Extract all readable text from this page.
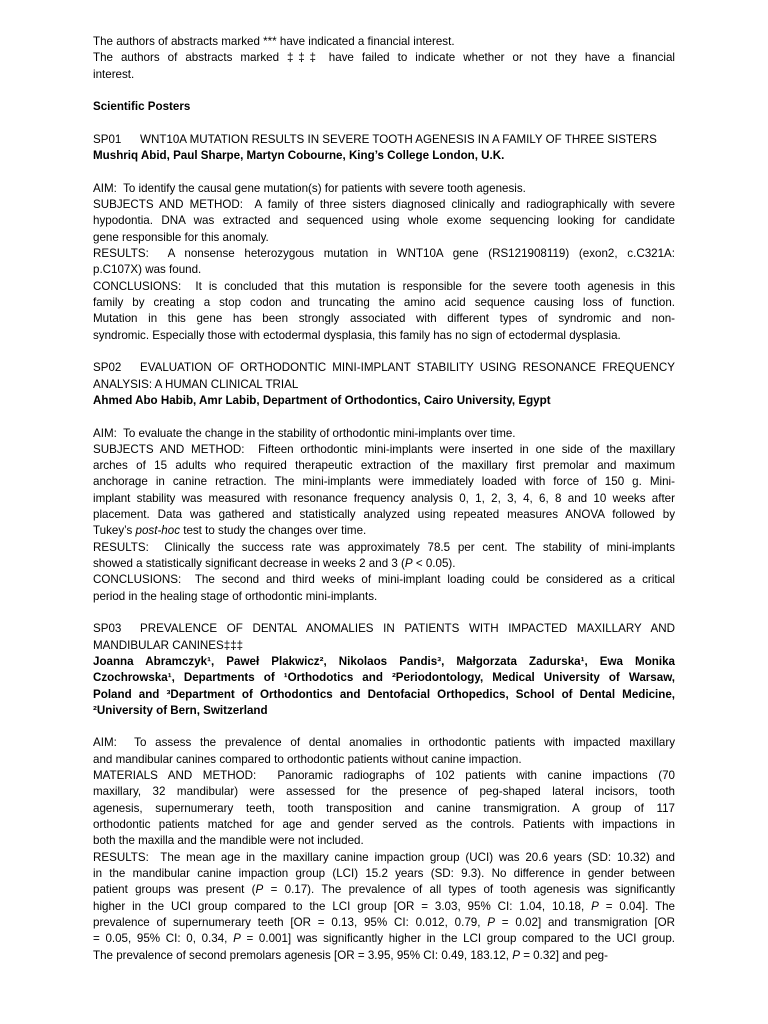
The authors of abstracts marked *** have indicated a financial interest.
The authors of abstracts marked ‡‡‡ have failed to indicate whether or not they have a financial
interest.
Scientific Posters
SP01 WNT10A MUTATION RESULTS IN SEVERE TOOTH AGENESIS IN A FAMILY OF THREE SISTERS
Mushriq Abid, Paul Sharpe, Martyn Cobourne, King’s College London, U.K.
AIM:  To identify the causal gene mutation(s) for patients with severe tooth agenesis.
SUBJECTS AND METHOD:  A family of three sisters diagnosed clinically and radiographically with severe
hypodontia. DNA was extracted and sequenced using whole exome sequencing looking for candidate
gene responsible for this anomaly.
RESULTS:  A nonsense heterozygous mutation in WNT10A gene (RS121908119) (exon2, c.C321A:
p.C107X) was found.
CONCLUSIONS:  It is concluded that this mutation is responsible for the severe tooth agenesis in this
family by creating a stop codon and truncating the amino acid sequence causing loss of function.
Mutation in this gene has been strongly associated with different types of syndromic and non-
syndromic. Especially those with ectodermal dysplasia, this family has no sign of ectodermal dysplasia.
SP02 EVALUATION OF ORTHODONTIC MINI-IMPLANT STABILITY USING RESONANCE FREQUENCY
ANALYSIS: A HUMAN CLINICAL TRIAL
Ahmed Abo Habib, Amr Labib, Department of Orthodontics, Cairo University, Egypt
AIM:  To evaluate the change in the stability of orthodontic mini-implants over time.
SUBJECTS AND METHOD:  Fifteen orthodontic mini-implants were inserted in one side of the maxillary
arches of 15 adults who required therapeutic extraction of the maxillary first premolar and maximum
anchorage in canine retraction. The mini-implants were immediately loaded with force of 150 g. Mini-
implant stability was measured with resonance frequency analysis 0, 1, 2, 3, 4, 6, 8 and 10 weeks after
placement. Data was gathered and statistically analyzed using repeated measures ANOVA followed by
Tukey’s post-hoc test to study the changes over time.
RESULTS:  Clinically the success rate was approximately 78.5 per cent. The stability of mini-implants
showed a statistically significant decrease in weeks 2 and 3 (P < 0.05).
CONCLUSIONS:  The second and third weeks of mini-implant loading could be considered as a critical
period in the healing stage of orthodontic mini-implants.
SP03 PREVALENCE OF DENTAL ANOMALIES IN PATIENTS WITH IMPACTED MAXILLARY AND
MANDIBULAR CANINES‡‡‡
Joanna Abramczyk¹, Paweł Plakwicz², Nikolaos Pandis³, Małgorzata Zadurska¹, Ewa Monika
Czochrowska¹, Departments of ¹Orthodotics and ²Periodontology, Medical University of Warsaw,
Poland and ³Department of Orthodontics and Dentofacial Orthopedics, School of Dental Medicine,
²University of Bern, Switzerland
AIM:  To assess the prevalence of dental anomalies in orthodontic patients with impacted maxillary
and mandibular canines compared to orthodontic patients without canine impaction.
MATERIALS AND METHOD:  Panoramic radiographs of 102 patients with canine impactions (70
maxillary, 32 mandibular) were assessed for the presence of peg-shaped lateral incisors, tooth
agenesis, supernumerary teeth, tooth transposition and canine transmigration. A group of 117
orthodontic patients matched for age and gender served as the controls. Patients with impactions in
both the maxilla and the mandible were not included.
RESULTS:  The mean age in the maxillary canine impaction group (UCI) was 20.6 years (SD: 10.32) and
in the mandibular canine impaction group (LCI) 15.2 years (SD: 9.3). No difference in gender between
patient groups was present (P = 0.17). The prevalence of all types of tooth agenesis was significantly
higher in the UCI group compared to the LCI group [OR = 3.03, 95% CI: 1.04, 10.18, P = 0.04]. The
prevalence of supernumerary teeth [OR = 0.13, 95% CI: 0.012, 0.79, P = 0.02] and transmigration [OR
= 0.05, 95% CI: 0, 0.34, P = 0.001] was significantly higher in the LCI group compared to the UCI group.
The prevalence of second premolars agenesis [OR = 3.95, 95% CI: 0.49, 183.12, P = 0.32] and peg-
